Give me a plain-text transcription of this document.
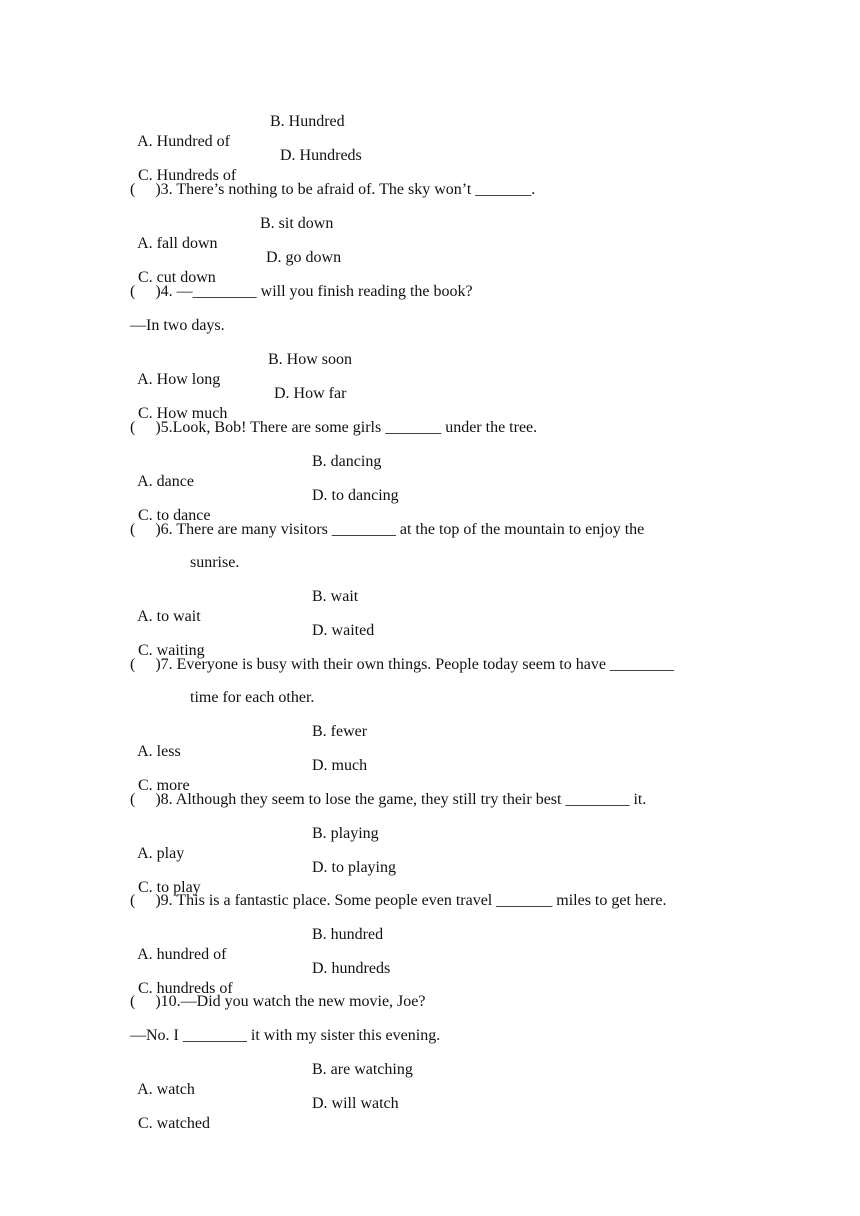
A. Hundred of

B. Hundred

C. Hundreds of

D. Hundreds

(     )3. There’s nothing to be afraid of. The sky won’t _______.

A. fall down

B. sit down

C. cut down

D. go down

(     )4. —________ will you finish reading the book?
—In two days.

A. How long

B. How soon

C. How much

D. How far

(     )5.Look, Bob! There are some girls _______ under the tree.

A. dance

B. dancing

C. to dance

D. to dancing

(     )6. There are many visitors ________ at the top of the mountain to enjoy the
sunrise.

A. to wait

B. wait

C. waiting

D. waited

(     )7. Everyone is busy with their own things. People today seem to have ________
time for each other.

A. less

B. fewer

C. more

D. much

(     )8. Although they seem to lose the game, they still try their best ________ it.

A. play

B. playing

C. to play

D. to playing

(     )9. This is a fantastic place. Some people even travel _______ miles to get here.

A. hundred of

B. hundred

C. hundreds of

D. hundreds

(     )10.—Did you watch the new movie, Joe?
—No. I ________ it with my sister this evening.

A. watch

B. are watching

C. watched

D. will watch
